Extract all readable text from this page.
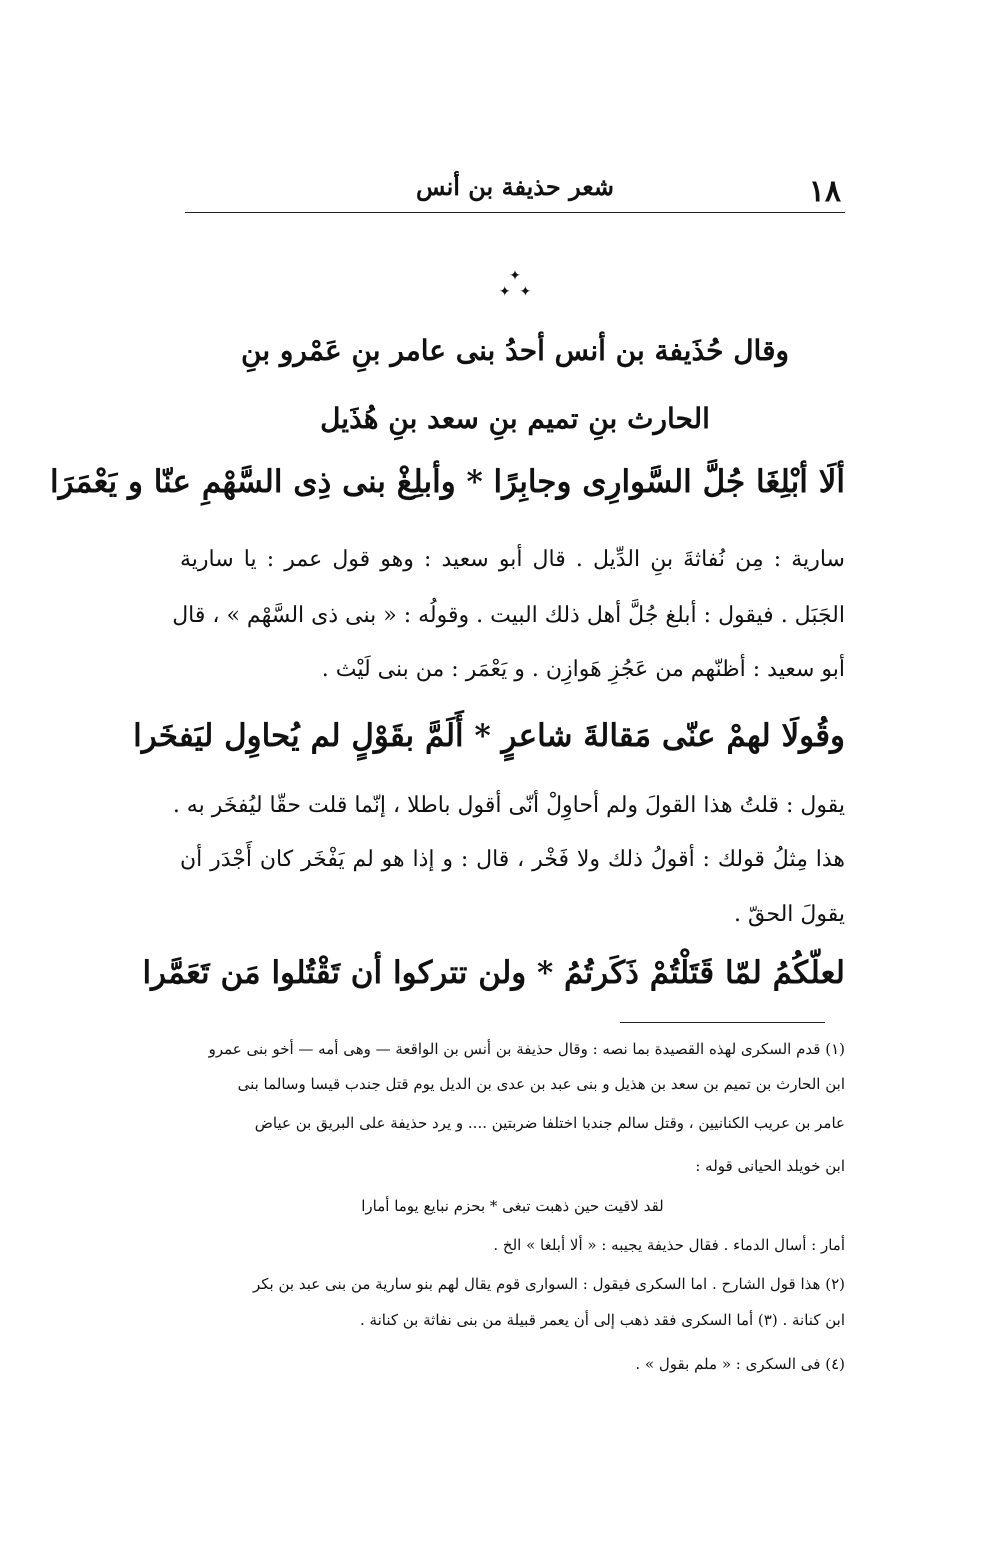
١٨
شعر حذيفة بن أنس
✦
✦ ✦
وقال حُذَيفة بن أنس أحدُ بنى عامر بنِ عَمْرو بنِ
الحارث بنِ تميم بنِ سعد بنِ هُذَيل
ألَا أبْلِغَا جُلَّ السَّوارِى وجابِرًا * وأبلِغْ بنى ذِى السَّهْمِ عنّا و يَعْمَرَا
سارية : مِن نُفاثةَ بنِ الدِّيل . قال أبو سعيد : وهو قول عمر : يا سارية
الجَبَل . فيقول : أبلغ جُلَّ أهل ذلك البيت . وقولُه : « بنى ذى السَّهْم » ، قال
أبو سعيد : أظنّهم من عَجُزِ هَوازِن . و يَعْمَر : من بنى لَيْث .
وقُولَا لهمْ عنّى مَقالةَ شاعرٍ * أَلَمَّ بقَوْلٍ لم يُحاوِل ليَفخَرا
يقول : قلتُ هذا القولَ ولم أحاوِلْ أنّى أقول باطلا ، إنّما قلت حقّا ليُفخَر به .
هذا مِثلُ قولك : أقولُ ذلك ولا فَخْر ، قال : و إذا هو لم يَفْخَر كان أَجْدَر أن
يقولَ الحقّ .
لعلّكُمُ لمّا قَتَلْتُمْ ذَكَرتُمُ * ولن تتركوا أن تَقْتُلوا مَن تَعَمَّرا
(١) قدم السكرى لهذه القصيدة بما نصه : وقال حذيفة بن أنس بن الواقعة — وهى أمه — أخو بنى عمرو
ابن الحارث بن تميم بن سعد بن هذيل و بنى عبد بن عدى بن الديل يوم قتل جندب قيسا وسالما بنى
عامر بن عريب الكنانيين ، وقتل سالم جندبا اختلفا ضربتين .... و يرد حذيفة على البريق بن عياض
ابن خويلد الحيانى قوله :
لقد لاقيت حين ذهبت تبغى * بحزم نبايع يوما أمارا
أمار : أسال الدماء . فقال حذيفة يجيبه : « ألا أبلغا » الخ .
(٢) هذا قول الشارح . اما السكرى فيقول : السوارى قوم يقال لهم بنو سارية من بنى عبد بن بكر
ابن كنانة . (٣) أما السكرى فقد ذهب إلى أن يعمر قبيلة من بنى نفاثة بن كنانة .
(٤) فى السكرى : « ملم بقول » .
